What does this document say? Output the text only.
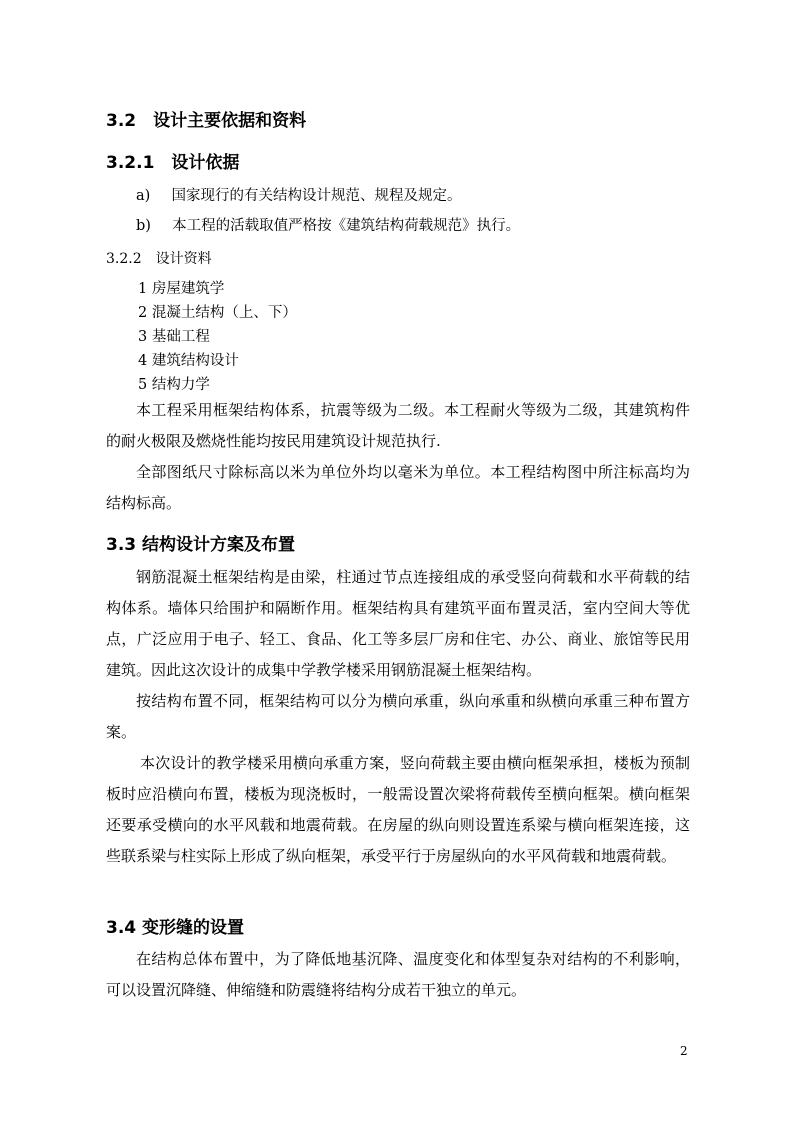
3.2　设计主要依据和资料
3.2.1　设计依据
a) 国家现行的有关结构设计规范、规程及规定。
b) 本工程的活载取值严格按《建筑结构荷载规范》执行。
3.2.2　设计资料
1 房屋建筑学
2 混凝土结构（上、下）
3 基础工程
4 建筑结构设计
5 结构力学

本工程采用框架结构体系，抗震等级为二级。本工程耐火等级为二级，其建筑构件的耐火极限及燃烧性能均按民用建筑设计规范执行.

全部图纸尺寸除标高以米为单位外均以毫米为单位。本工程结构图中所注标高均为结构标高。

3.3 结构设计方案及布置

钢筋混凝土框架结构是由梁，柱通过节点连接组成的承受竖向荷载和水平荷载的结构体系。墙体只给围护和隔断作用。框架结构具有建筑平面布置灵活，室内空间大等优点，广泛应用于电子、轻工、食品、化工等多层厂房和住宅、办公、商业、旅馆等民用建筑。因此这次设计的成集中学教学楼采用钢筋混凝土框架结构。

按结构布置不同，框架结构可以分为横向承重，纵向承重和纵横向承重三种布置方案。

本次设计的教学楼采用横向承重方案，竖向荷载主要由横向框架承担，楼板为预制板时应沿横向布置，楼板为现浇板时，一般需设置次梁将荷载传至横向框架。横向框架还要承受横向的水平风载和地震荷载。在房屋的纵向则设置连系梁与横向框架连接，这些联系梁与柱实际上形成了纵向框架，承受平行于房屋纵向的水平风荷载和地震荷载。

3.4 变形缝的设置

在结构总体布置中，为了降低地基沉降、温度变化和体型复杂对结构的不利影响，可以设置沉降缝、伸缩缝和防震缝将结构分成若干独立的单元。

2
